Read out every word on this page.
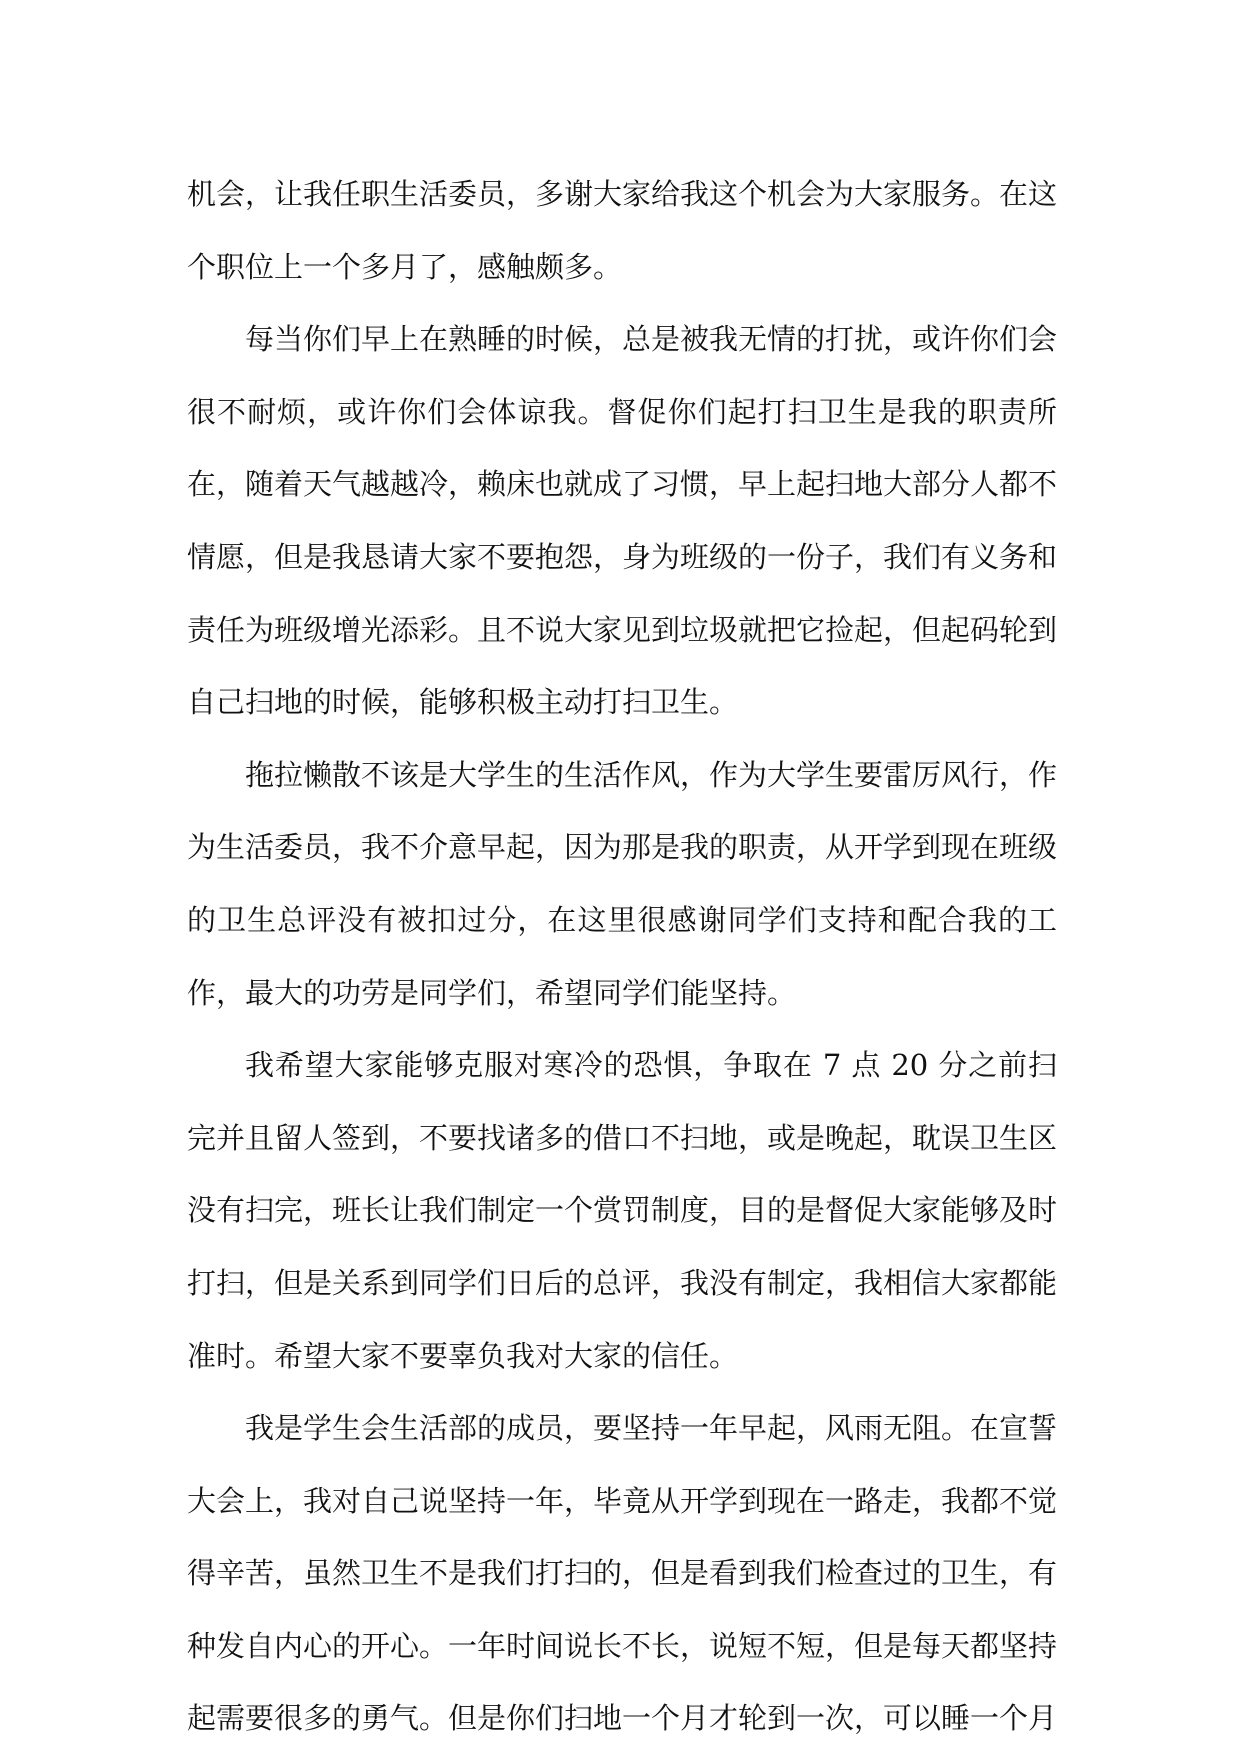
机会，让我任职生活委员，多谢大家给我这个机会为大家服务。在这个职位上一个多月了，感触颇多。

每当你们早上在熟睡的时候，总是被我无情的打扰，或许你们会很不耐烦，或许你们会体谅我。督促你们起打扫卫生是我的职责所在，随着天气越越冷，赖床也就成了习惯，早上起扫地大部分人都不情愿，但是我恳请大家不要抱怨，身为班级的一份子，我们有义务和责任为班级增光添彩。且不说大家见到垃圾就把它捡起，但起码轮到自己扫地的时候，能够积极主动打扫卫生。

拖拉懒散不该是大学生的生活作风，作为大学生要雷厉风行，作为生活委员，我不介意早起，因为那是我的职责，从开学到现在班级的卫生总评没有被扣过分，在这里很感谢同学们支持和配合我的工作，最大的功劳是同学们，希望同学们能坚持。

我希望大家能够克服对寒冷的恐惧，争取在 7 点 20 分之前扫完并且留人签到，不要找诸多的借口不扫地，或是晚起，耽误卫生区没有扫完，班长让我们制定一个赏罚制度，目的是督促大家能够及时打扫，但是关系到同学们日后的总评，我没有制定，我相信大家都能准时。希望大家不要辜负我对大家的信任。

我是学生会生活部的成员，要坚持一年早起，风雨无阻。在宣誓大会上，我对自己说坚持一年，毕竟从开学到现在一路走，我都不觉得辛苦，虽然卫生不是我们打扫的，但是看到我们检查过的卫生，有种发自内心的开心。一年时间说长不长，说短不短，但是每天都坚持起需要很多的勇气。但是你们扫地一个月才轮到一次，可以睡一个月
